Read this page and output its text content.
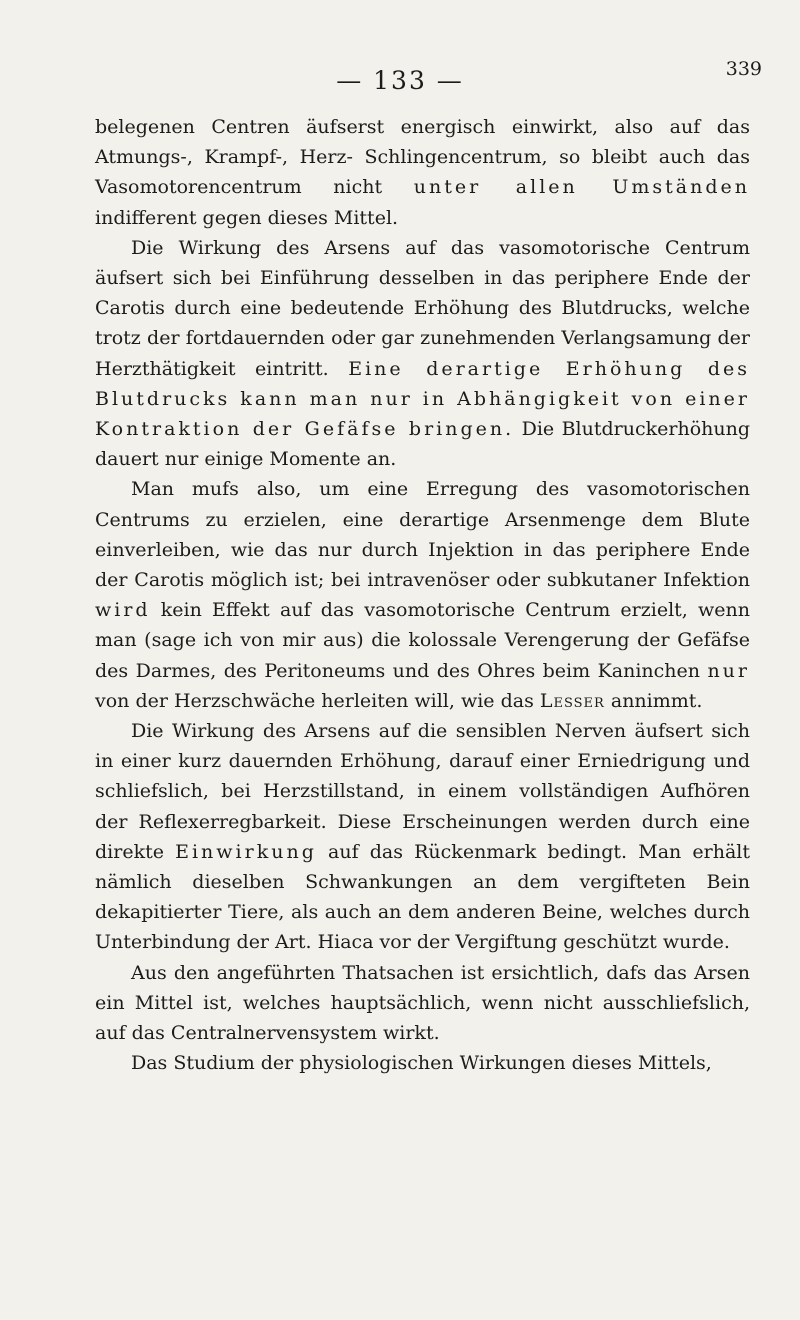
— 133 —	339

belegenen Centren äufserst energisch einwirkt, also auf das Atmungs-, Krampf-, Herz- Schlingencentrum, so bleibt auch das Vasomotorencentrum nicht unter allen Umständen indifferent gegen dieses Mittel.

Die Wirkung des Arsens auf das vasomotorische Centrum äufsert sich bei Einführung desselben in das periphere Ende der Carotis durch eine bedeutende Erhöhung des Blutdrucks, welche trotz der fortdauernden oder gar zunehmenden Verlangsamung der Herzthätigkeit eintritt. Eine derartige Erhöhung des Blutdrucks kann man nur in Abhängigkeit von einer Kontraktion der Gefäfse bringen. Die Blutdruckerhöhung dauert nur einige Momente an.

Man mufs also, um eine Erregung des vasomotorischen Centrums zu erzielen, eine derartige Arsenmenge dem Blute einverleiben, wie das nur durch Injektion in das periphere Ende der Carotis möglich ist; bei intravenöser oder subkutaner Infektion wird kein Effekt auf das vasomotorische Centrum erzielt, wenn man (sage ich von mir aus) die kolossale Verengerung der Gefäfse des Darmes, des Peritoneums und des Ohres beim Kaninchen nur von der Herzschwäche herleiten will, wie das Lesser annimmt.

Die Wirkung des Arsens auf die sensiblen Nerven äufsert sich in einer kurz dauernden Erhöhung, darauf einer Erniedrigung und schliefslich, bei Herzstillstand, in einem vollständigen Aufhören der Reflexerregbarkeit. Diese Erscheinungen werden durch eine direkte Einwirkung auf das Rückenmark bedingt. Man erhält nämlich dieselben Schwankungen an dem vergifteten Bein dekapitierter Tiere, als auch an dem anderen Beine, welches durch Unterbindung der Art. Hiaca vor der Vergiftung geschützt wurde.

Aus den angeführten Thatsachen ist ersichtlich, dafs das Arsen ein Mittel ist, welches hauptsächlich, wenn nicht ausschliefslich, auf das Centralnervensystem wirkt.

Das Studium der physiologischen Wirkungen dieses Mittels,
